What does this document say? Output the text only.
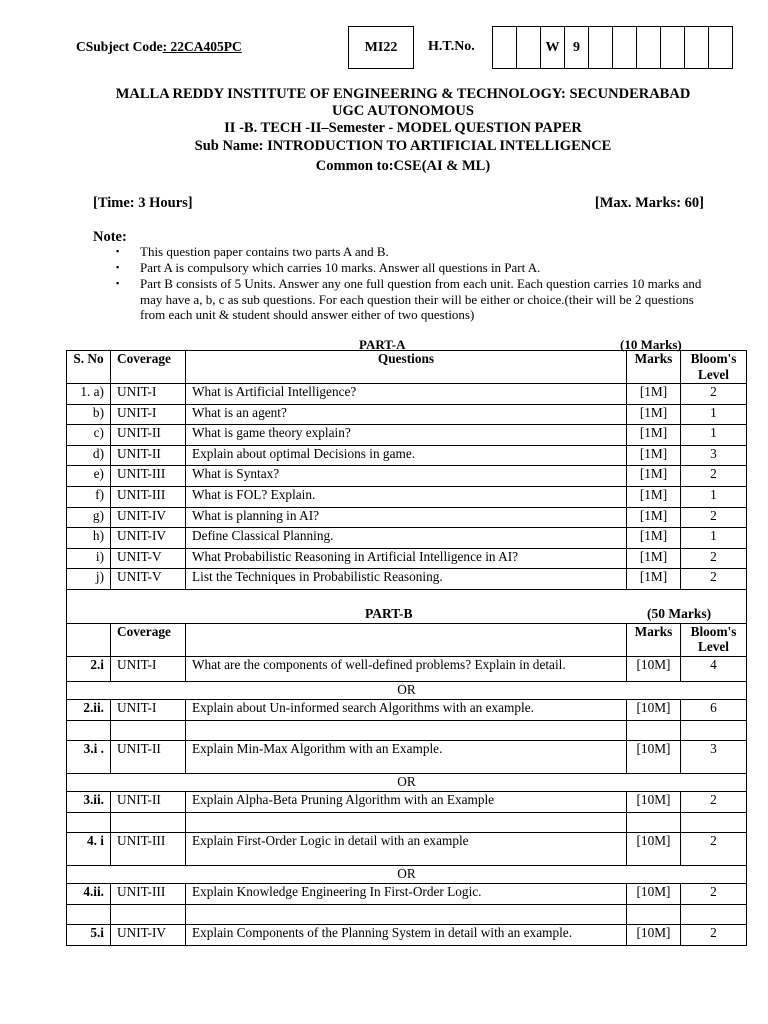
CSubject Code: 22CA405PC	MI22	H.T.No.	W 9
MALLA REDDY INSTITUTE OF ENGINEERING & TECHNOLOGY: SECUNDERABAD
UGC AUTONOMOUS
II -B. TECH -II–Semester - MODEL QUESTION PAPER
Sub Name: INTRODUCTION TO ARTIFICIAL INTELLIGENCE
Common to:CSE(AI & ML)
[Time: 3 Hours]	[Max. Marks: 60]
Note:
▪ This question paper contains two parts A and B.
▪ Part A is compulsory which carries 10 marks. Answer all questions in Part A.
▪ Part B consists of 5 Units. Answer any one full question from each unit. Each question carries 10 marks and may have a, b, c as sub questions. For each question their will be either or choice.(their will be 2 questions from each unit & student should answer either of two questions)
PART-A	(10 Marks)
S. No	Coverage	Questions	Marks	Bloom's Level
1. a)	UNIT-I	What is Artificial Intelligence?	[1M]	2
b)	UNIT-I	What is an agent?	[1M]	1
c)	UNIT-II	What is game theory explain?	[1M]	1
d)	UNIT-II	Explain about optimal Decisions in game.	[1M]	3
e)	UNIT-III	What is Syntax?	[1M]	2
f)	UNIT-III	What is FOL? Explain.	[1M]	1
g)	UNIT-IV	What is planning in AI?	[1M]	2
h)	UNIT-IV	Define Classical Planning.	[1M]	1
i)	UNIT-V	What Probabilistic Reasoning in Artificial Intelligence in AI?	[1M]	2
j)	UNIT-V	List the Techniques in Probabilistic Reasoning.	[1M]	2

PART-B (50 Marks)				

	Coverage		Marks	Bloom's Level
2.i	UNIT-I	What are the components of well-defined problems? Explain in detail.	[10M]	4
OR				
2.ii.	UNIT-I	Explain about Un-informed search Algorithms with an example.	[10M]	6

3.i .	UNIT-II	Explain Min-Max Algorithm with an Example.	[10M]	3
OR				
3.ii.	UNIT-II	Explain Alpha-Beta Pruning Algorithm with an Example	[10M]	2

4. i	UNIT-III	Explain First-Order Logic in detail with an example	[10M]	2
OR				
4.ii.	UNIT-III	Explain Knowledge Engineering In First-Order Logic.	[10M]	2

5.i	UNIT-IV	Explain Components of the Planning System in detail with an example.	[10M]	2
